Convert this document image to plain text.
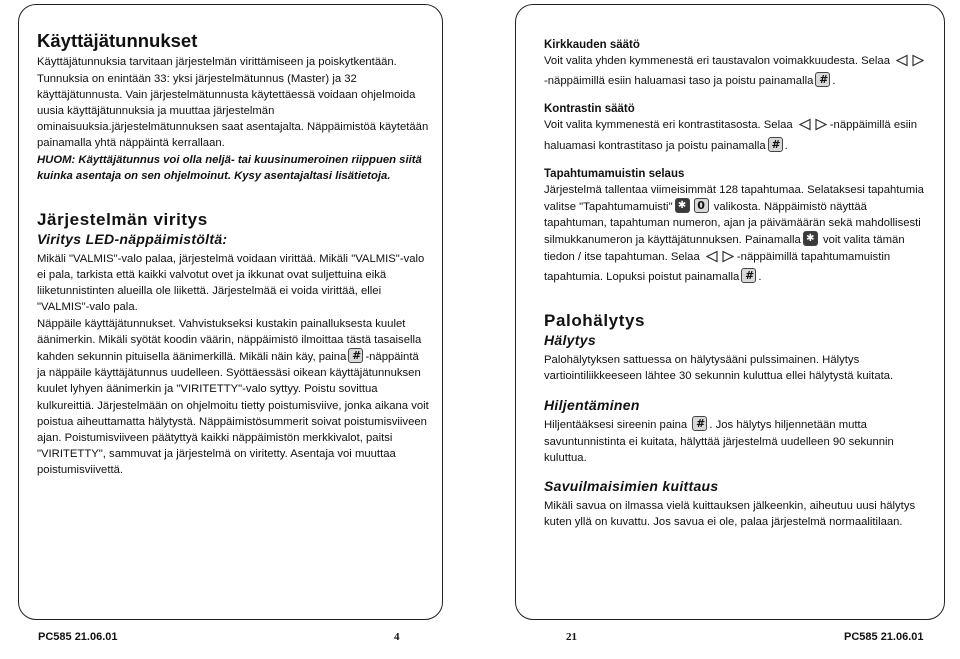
Käyttäjätunnukset

Käyttäjätunnuksia tarvitaan järjestelmän virittämiseen ja poiskytkentään. Tunnuksia on enintään 33: yksi järjestelmätunnus (Master) ja 32 käyttäjätunnusta. Vain järjestelmätunnusta käytettäessä voidaan ohjelmoida uusia käyttäjätunnuksia ja muuttaa järjestelmän ominaisuuksia.järjestelmätunnuksen saat asentajalta. Näppäimistöä käytetään painamalla yhtä näppäintä kerrallaan.

HUOM: Käyttäjätunnus voi olla neljä- tai kuusinumeroinen riippuen siitä kuinka asentaja on sen ohjelmoinut. Kysy asentajaltasi lisätietoja.

Järjestelmän viritys
Viritys LED-näppäimistöltä:

Mikäli "VALMIS"-valo palaa, järjestelmä voidaan virittää. Mikäli "VALMIS"-valo ei pala, tarkista että kaikki valvotut ovet ja ikkunat ovat suljettuina eikä liiketunnistinten alueilla ole liikettä. Järjestelmää ei voida virittää, ellei "VALMIS"-valo pala.

Näppäile käyttäjätunnukset. Vahvistukseksi kustakin painalluksesta kuulet äänimerkin. Mikäli syötät koodin väärin, näppäimistö ilmoittaa tästä tasaisella kahden sekunnin pituisella äänimerkillä. Mikäli näin käy, paina # -näppäintä ja näppäile käyttäjätunnus uudelleen. Syöttäessäsi oikean käyttäjätunnuksen kuulet lyhyen äänimerkin ja "VIRITETTY"-valo syttyy. Poistu sovittua kulkureittiä. Järjestelmään on ohjelmoitu tietty poistumisviive, jonka aikana voit poistua aiheuttamatta hälytystä. Näppäimistösummerit soivat poistumisviiveen ajan. Poistumisviiveen päätyttyä kaikki näppäimistön merkkivalot, paitsi "VIRITETTY", sammuvat ja järjestelmä on viritetty. Asentaja voi muuttaa poistumisviivettä.

Kirkkauden säätö

Voit valita yhden kymmenestä eri taustavalon voimakkuudesta. Selaa -näppäimillä esiin haluamasi taso ja poistu painamalla # .

Kontrastin säätö

Voit valita kymmenestä eri kontrastitasosta. Selaa	-näppäimillä esiin haluamasi kontrastitaso ja poistu painamalla # .

Tapahtumamuistin selaus

Järjestelmä tallentaa viimeisimmät 128 tapahtumaa. Selataksesi tapahtumia valitse "Tapahtumamuisti" ✱ 0 valikosta. Näppäimistö näyttää tapahtuman, tapahtuman numeron, ajan ja päivämäärän sekä mahdollisesti silmukkanumeron ja käyttäjätunnuksen. Painamalla ✱ voit valita tämän tiedon / itse tapahtuman. Selaa	-näppäimillä tapahtumamuistin tapahtumia. Lopuksi poistut painamalla # .

Palohälytys
Hälytys

Palohälytyksen sattuessa on hälytysääni pulssimainen. Hälytys vartiointiliikkeeseen lähtee 30 sekunnin kuluttua ellei hälytystä kuitata.

Hiljentäminen

Hiljentääksesi sireenin paina # . Jos hälytys hiljennetään mutta savuntunnistinta ei kuitata, hälyttää järjestelmä uudelleen 90 sekunnin kuluttua.

Savuilmaisimien kuittaus

Mikäli savua on ilmassa vielä kuittauksen jälkeenkin, aiheutuu uusi hälytys kuten yllä on kuvattu. Jos savua ei ole, palaa järjestelmä normaalitilaan.

PC585 21.06.01	4	21	PC585 21.06.01
